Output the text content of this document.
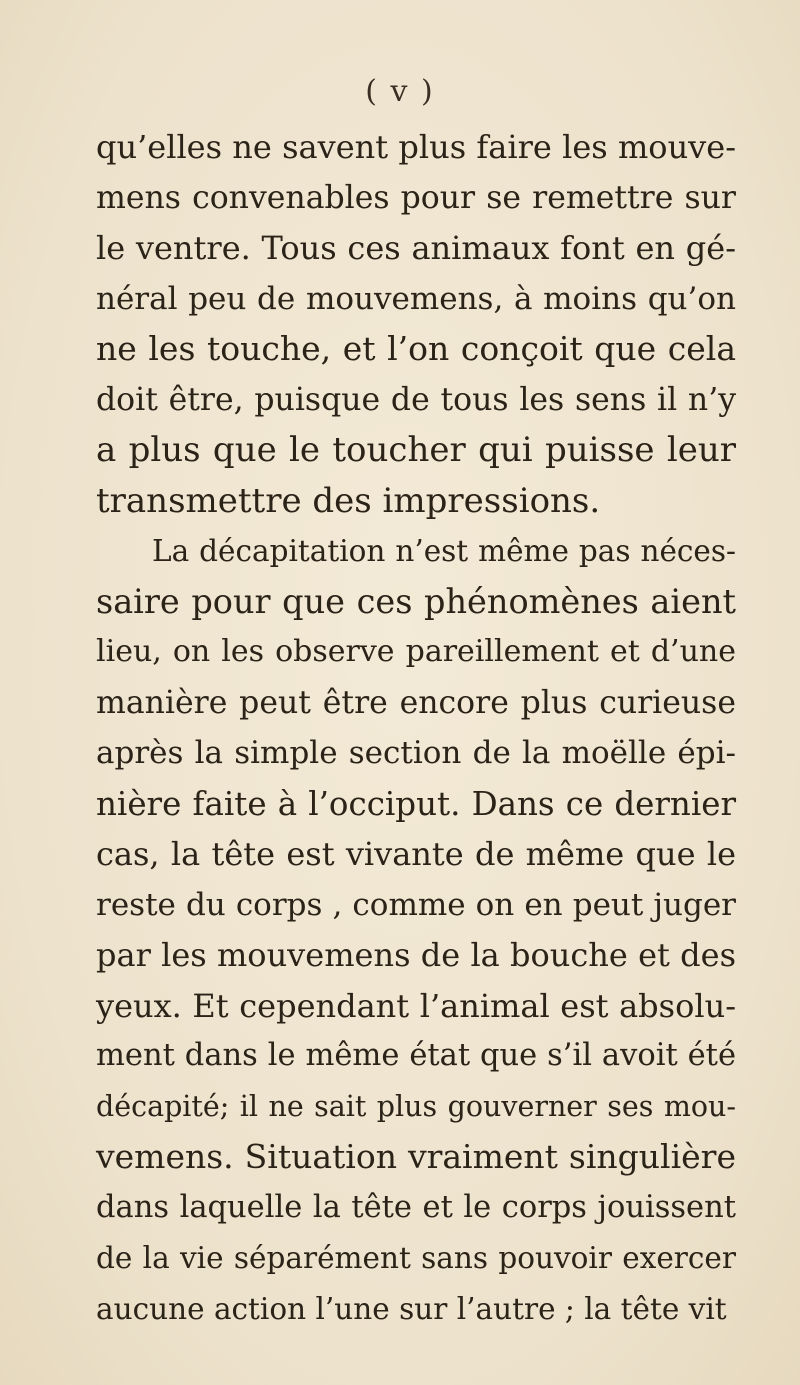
( v )
qu’elles ne savent plus faire les mouve-
mens convenables pour se remettre sur
le ventre. Tous ces animaux font en gé-
néral peu de mouvemens, à moins qu’on
ne les touche, et l’on conçoit que cela
doit être, puisque de tous les sens il n’y
a plus que le toucher qui puisse leur
transmettre des impressions.
La décapitation n’est même pas néces-
saire pour que ces phénomènes aient
lieu, on les observe pareillement et d’une
manière peut être encore plus curieuse
après la simple section de la moëlle épi-
nière faite à l’occiput. Dans ce dernier
cas, la tête est vivante de même que le
reste du corps , comme on en peut juger
par les mouvemens de la bouche et des
yeux. Et cependant l’animal est absolu-
ment dans le même état que s’il avoit été
décapité; il ne sait plus gouverner ses mou-
vemens. Situation vraiment singulière
dans laquelle la tête et le corps jouissent
de la vie séparément sans pouvoir exercer
aucune action l’une sur l’autre ; la tête vit
